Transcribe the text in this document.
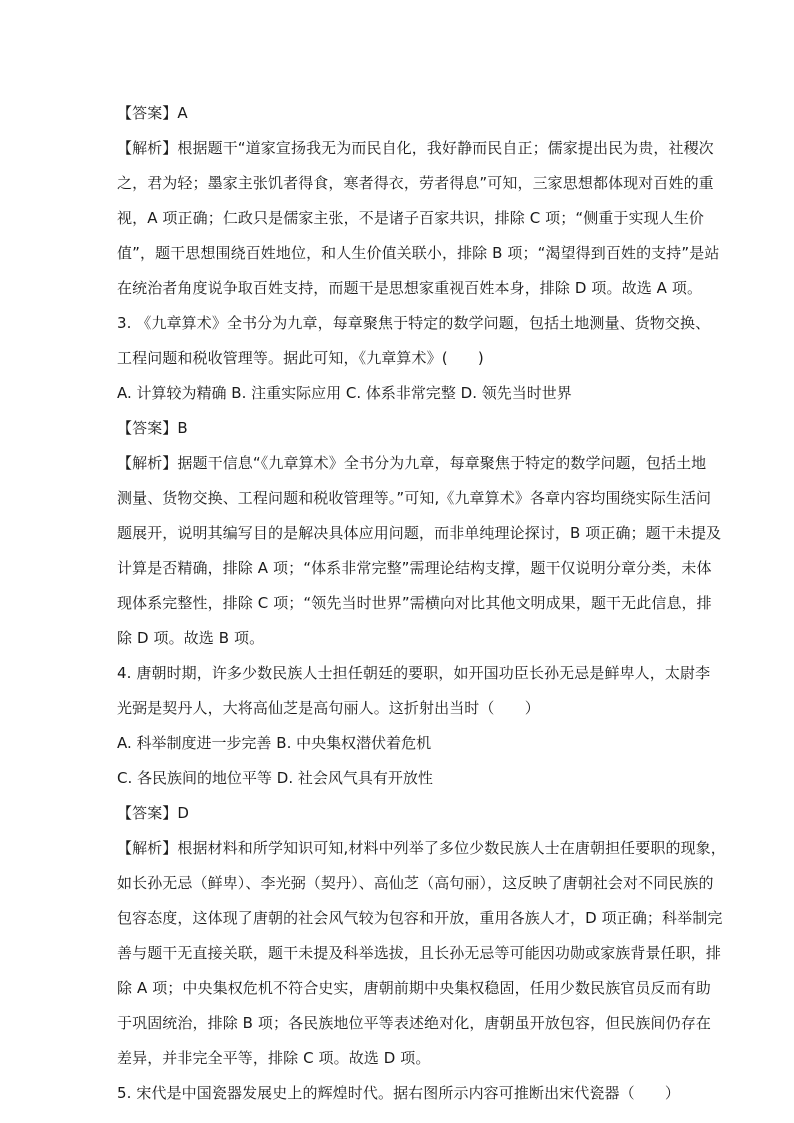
【答案】A
【解析】根据题干“道家宣扬我无为而民自化，我好静而民自正；儒家提出民为贵，社稷次
之，君为轻；墨家主张饥者得食，寒者得衣，劳者得息”可知，三家思想都体现对百姓的重
视，A 项正确；仁政只是儒家主张，不是诸子百家共识，排除 C 项；“侧重于实现人生价
值”，题干思想围绕百姓地位，和人生价值关联小，排除 B 项；“渴望得到百姓的支持”是站
在统治者角度说争取百姓支持，而题干是思想家重视百姓本身，排除 D 项。故选 A 项。
3. 《九章算术》全书分为九章，每章聚焦于特定的数学问题，包括土地测量、货物交换、
工程问题和税收管理等。据此可知，《九章算术》(　　)
A. 计算较为精确 B. 注重实际应用 C. 体系非常完整 D. 领先当时世界
【答案】B
【解析】据题干信息“《九章算术》全书分为九章，每章聚焦于特定的数学问题，包括土地
测量、货物交换、工程问题和税收管理等。”可知,《九章算术》各章内容均围绕实际生活问
题展开，说明其编写目的是解决具体应用问题，而非单纯理论探讨，B 项正确；题干未提及
计算是否精确，排除 A 项；“体系非常完整”需理论结构支撑，题干仅说明分章分类，未体
现体系完整性，排除 C 项；“领先当时世界”需横向对比其他文明成果，题干无此信息，排
除 D 项。故选 B 项。
4. 唐朝时期，许多少数民族人士担任朝廷的要职，如开国功臣长孙无忌是鲜卑人，太尉李
光弼是契丹人，大将高仙芝是高句丽人。这折射出当时（　　）
A. 科举制度进一步完善 B. 中央集权潜伏着危机
C. 各民族间的地位平等 D. 社会风气具有开放性
【答案】D
【解析】根据材料和所学知识可知,材料中列举了多位少数民族人士在唐朝担任要职的现象，
如长孙无忌（鲜卑）、李光弼（契丹）、高仙芝（高句丽），这反映了唐朝社会对不同民族的
包容态度，这体现了唐朝的社会风气较为包容和开放，重用各族人才，D 项正确；科举制完
善与题干无直接关联，题干未提及科举选拔，且长孙无忌等可能因功勋或家族背景任职，排
除 A 项；中央集权危机不符合史实，唐朝前期中央集权稳固，任用少数民族官员反而有助
于巩固统治，排除 B 项；各民族地位平等表述绝对化，唐朝虽开放包容，但民族间仍存在
差异，并非完全平等，排除 C 项。故选 D 项。
5. 宋代是中国瓷器发展史上的辉煌时代。据右图所示内容可推断出宋代瓷器（　　）
